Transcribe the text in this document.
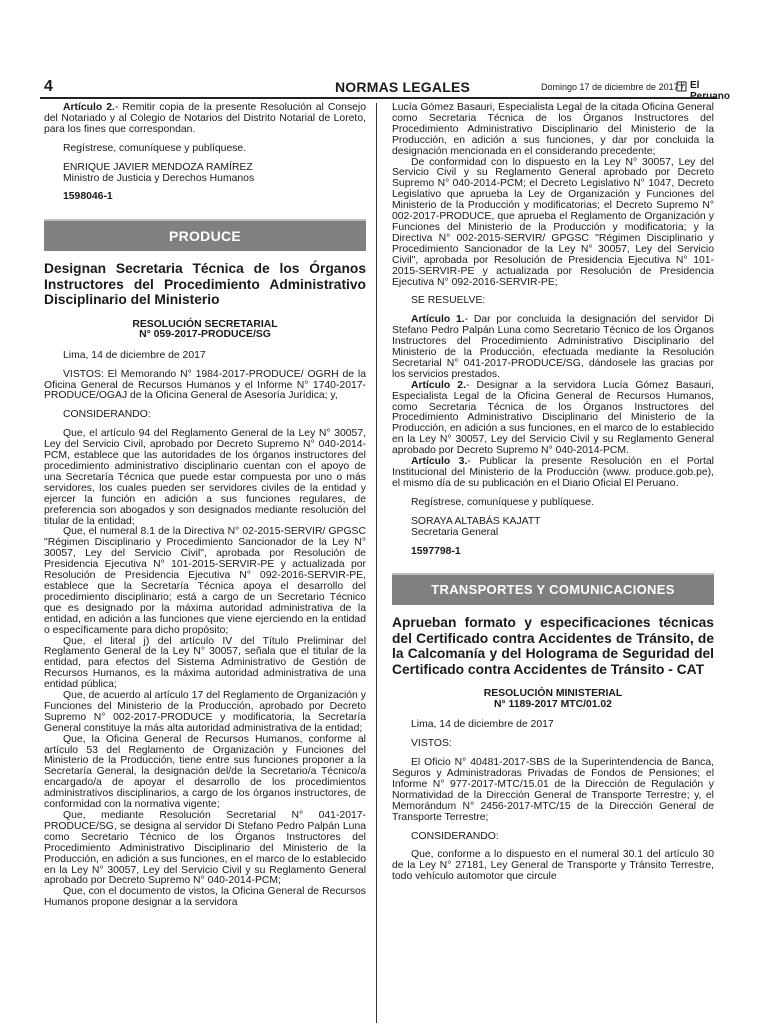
4	NORMAS LEGALES	Domingo 17 de diciembre de 2017 / El Peruano

Artículo 2.- Remitir copia de la presente Resolución al Consejo del Notariado y al Colegio de Notarios del Distrito Notarial de Loreto, para los fines que correspondan.

Regístrese, comuníquese y publíquese.

ENRIQUE JAVIER MENDOZA RAMÍREZ

Ministro de Justicia y Derechos Humanos

1598046-1

PRODUCE

Designan Secretaria Técnica de los Órganos Instructores del Procedimiento Administrativo Disciplinario del Ministerio

RESOLUCIÓN SECRETARIAL
N° 059-2017-PRODUCE/SG

Lima, 14 de diciembre de 2017

VISTOS: El Memorando N° 1984-2017-PRODUCE/ OGRH de la Oficina General de Recursos Humanos y el Informe N° 1740-2017-PRODUCE/OGAJ de la Oficina General de Asesoría Jurídica; y,

CONSIDERANDO:

Que, el artículo 94 del Reglamento General de la Ley N° 30057, Ley del Servicio Civil, aprobado por Decreto Supremo N° 040-2014-PCM, establece que las autoridades de los órganos instructores del procedimiento administrativo disciplinario cuentan con el apoyo de una Secretaría Técnica que puede estar compuesta por uno o más servidores, los cuales pueden ser servidores civiles de la entidad y ejercer la función en adición a sus funciones regulares, de preferencia son abogados y son designados mediante resolución del titular de la entidad;

Que, el numeral 8.1 de la Directiva N° 02-2015-SERVIR/ GPGSC "Régimen Disciplinario y Procedimiento Sancionador de la Ley N° 30057, Ley del Servicio Civil", aprobada por Resolución de Presidencia Ejecutiva N° 101-2015-SERVIR-PE y actualizada por Resolución de Presidencia Ejecutiva N° 092-2016-SERVIR-PE, establece que la Secretaría Técnica apoya el desarrollo del procedimiento disciplinario; está a cargo de un Secretario Técnico que es designado por la máxima autoridad administrativa de la entidad, en adición a las funciones que viene ejerciendo en la entidad o específicamente para dicho propósito;

Que, el literal j) del artículo IV del Título Preliminar del Reglamento General de la Ley N° 30057, señala que el titular de la entidad, para efectos del Sistema Administrativo de Gestión de Recursos Humanos, es la máxima autoridad administrativa de una entidad pública;

Que, de acuerdo al artículo 17 del Reglamento de Organización y Funciones del Ministerio de la Producción, aprobado por Decreto Supremo N° 002-2017-PRODUCE y modificatoria, la Secretaría General constituye la más alta autoridad administrativa de la entidad;

Que, la Oficina General de Recursos Humanos, conforme al artículo 53 del Reglamento de Organización y Funciones del Ministerio de la Producción, tiene entre sus funciones proponer a la Secretaría General, la designación del/de la Secretario/a Técnico/a encargado/a de apoyar el desarrollo de los procedimientos administrativos disciplinarios, a cargo de los órganos instructores, de conformidad con la normativa vigente;

Que, mediante Resolución Secretarial N° 041-2017-PRODUCE/SG, se designa al servidor Di Stefano Pedro Palpán Luna como Secretario Técnico de los Órganos Instructores del Procedimiento Administrativo Disciplinario del Ministerio de la Producción, en adición a sus funciones, en el marco de lo establecido en la Ley N° 30057, Ley del Servicio Civil y su Reglamento General aprobado por Decreto Supremo N° 040-2014-PCM;

Que, con el documento de vistos, la Oficina General de Recursos Humanos propone designar a la servidora

Lucía Gómez Basauri, Especialista Legal de la citada Oficina General como Secretaria Técnica de los Órganos Instructores del Procedimiento Administrativo Disciplinario del Ministerio de la Producción, en adición a sus funciones, y dar por concluida la designación mencionada en el considerando precedente;

De conformidad con lo dispuesto en la Ley N° 30057, Ley del Servicio Civil y su Reglamento General aprobado por Decreto Supremo N° 040-2014-PCM; el Decreto Legislativo N° 1047, Decreto Legislativo que aprueba la Ley de Organización y Funciones del Ministerio de la Producción y modificatorias; el Decreto Supremo N° 002-2017-PRODUCE, que aprueba el Reglamento de Organización y Funciones del Ministerio de la Producción y modificatoria; y la Directiva N° 002-2015-SERVIR/ GPGSC "Régimen Disciplinario y Procedimiento Sancionador de la Ley N° 30057, Ley del Servicio Civil", aprobada por Resolución de Presidencia Ejecutiva N° 101-2015-SERVIR-PE y actualizada por Resolución de Presidencia Ejecutiva N° 092-2016-SERVIR-PE;

SE RESUELVE:

Artículo 1.- Dar por concluida la designación del servidor Di Stefano Pedro Palpán Luna como Secretario Técnico de los Órganos Instructores del Procedimiento Administrativo Disciplinario del Ministerio de la Producción, efectuada mediante la Resolución Secretarial N° 041-2017-PRODUCE/SG, dándosele las gracias por los servicios prestados.

Artículo 2.- Designar a la servidora Lucía Gómez Basauri, Especialista Legal de la Oficina General de Recursos Humanos, como Secretaria Técnica de los Órganos Instructores del Procedimiento Administrativo Disciplinario del Ministerio de la Producción, en adición a sus funciones, en el marco de lo establecido en la Ley N° 30057, Ley del Servicio Civil y su Reglamento General aprobado por Decreto Supremo N° 040-2014-PCM.

Artículo 3.- Publicar la presente Resolución en el Portal Institucional del Ministerio de la Producción (www. produce.gob.pe), el mismo día de su publicación en el Diario Oficial El Peruano.

Regístrese, comuníquese y publíquese.

SORAYA ALTABÁS KAJATT

Secretaria General

1597798-1

TRANSPORTES Y COMUNICACIONES

Aprueban formato y especificaciones técnicas del Certificado contra Accidentes de Tránsito, de la Calcomanía y del Holograma de Seguridad del Certificado contra Accidentes de Tránsito - CAT

RESOLUCIÓN MINISTERIAL
N° 1189-2017 MTC/01.02

Lima, 14 de diciembre de 2017

VISTOS:

El Oficio N° 40481-2017-SBS de la Superintendencia de Banca, Seguros y Administradoras Privadas de Fondos de Pensiones; el Informe N° 977-2017-MTC/15.01 de la Dirección de Regulación y Normatividad de la Dirección General de Transporte Terrestre; y, el Memorándum N° 2456-2017-MTC/15 de la Dirección General de Transporte Terrestre;

CONSIDERANDO:

Que, conforme a lo dispuesto en el numeral 30.1 del artículo 30 de la Ley N° 27181, Ley General de Transporte y Tránsito Terrestre, todo vehículo automotor que circule
